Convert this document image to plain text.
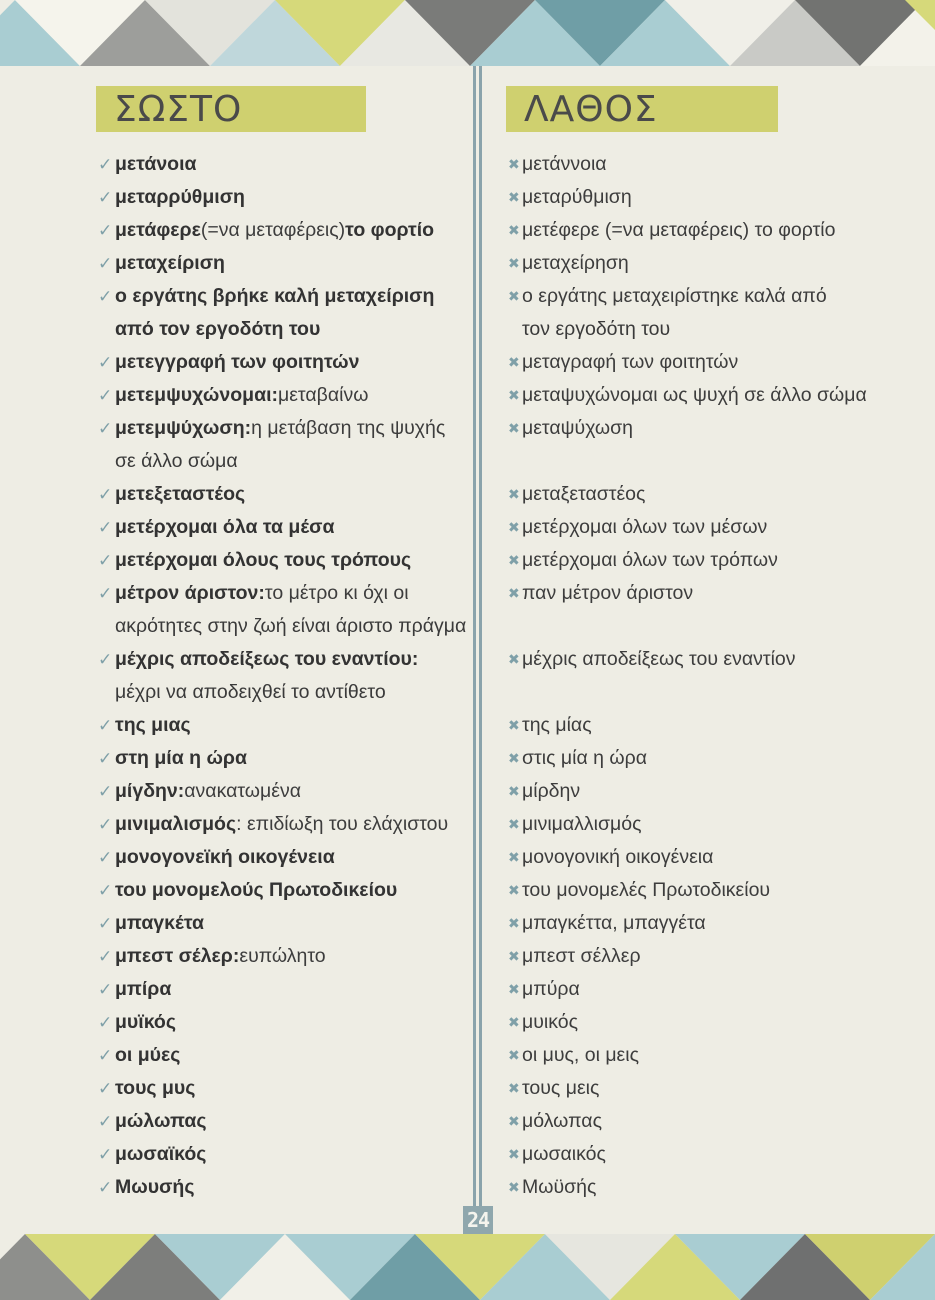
ΣΩΣΤΟ	ΛΑΘΟΣ
✓ μετάνοια
✓ μεταρρύθμιση
✓ μετάφερε (=να μεταφέρεις) το φορτίο
✓ μεταχείριση
✓ ο εργάτης βρήκε καλή μεταχείριση
από τον εργοδότη του
✓ μετεγγραφή των φοιτητών
✓ μετεμψυχώνομαι: μεταβαίνω
✓ μετεμψύχωση: η μετάβαση της ψυχής
σε άλλο σώμα
✓ μετεξεταστέος
✓ μετέρχομαι όλα τα μέσα
✓ μετέρχομαι όλους τους τρόπους
✓ μέτρον άριστον: το μέτρο κι όχι οι
ακρότητες στην ζωή είναι άριστο πράγμα
✓ μέχρις αποδείξεως του εναντίου:
μέχρι να αποδειχθεί το αντίθετο
✓ της μιας
✓ στη μία η ώρα
✓ μίγδην: ανακατωμένα
✓ μινιμαλισμός : επιδίωξη του ελάχιστου
✓ μονογονεϊκή οικογένεια
✓ του μονομελούς Πρωτοδικείου
✓ μπαγκέτα
✓ μπεστ σέλερ: ευπώλητο
✓ μπίρα
✓ μυϊκός
✓ οι μύες
✓ τους μυς
✓ μώλωπας
✓ μωσαϊκός
✓ Μωυσής
✖ μετάννοια
✖ μεταρύθμιση
✖ μετέφερε (=να μεταφέρεις) το φορτίο
✖ μεταχείρηση
✖ ο εργάτης μεταχειρίστηκε καλά από
τον εργοδότη του
✖ μεταγραφή των φοιτητών
✖ μεταψυχώνομαι ως ψυχή σε άλλο σώμα
✖ μεταψύχωση
✖ μεταξεταστέος
✖ μετέρχομαι όλων των μέσων
✖ μετέρχομαι όλων των τρόπων
✖ παν μέτρον άριστον
✖ μέχρις αποδείξεως του εναντίον
✖ της μίας
✖ στις μία η ώρα
✖ μίρδην
✖ μινιμαλλισμός
✖ μονογονική οικογένεια
✖ του μονομελές Πρωτοδικείου
✖ μπαγκέττα, μπαγγέτα
✖ μπεστ σέλλερ
✖ μπύρα
✖ μυικός
✖ οι μυς, οι μεις
✖ τους μεις
✖ μόλωπας
✖ μωσαικός
✖ Μωϋσής
24
